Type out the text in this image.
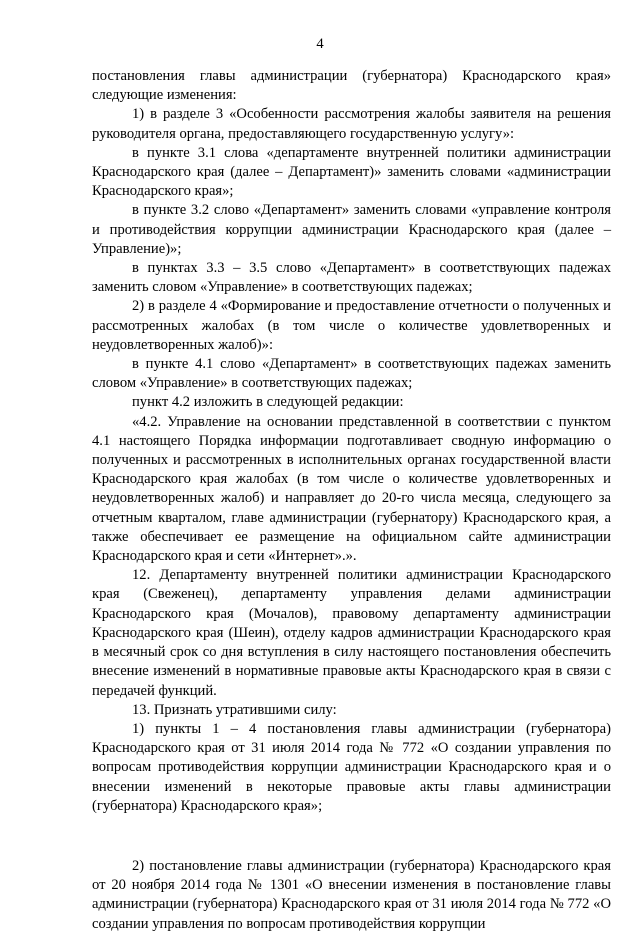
4

постановления главы администрации (губернатора) Краснодарского края» следующие изменения:

1) в разделе 3 «Особенности рассмотрения жалобы заявителя на решения руководителя органа, предоставляющего государственную услугу»:

в пункте 3.1 слова «департаменте внутренней политики администрации Краснодарского края (далее – Департамент)» заменить словами «администрации Краснодарского края»;

в пункте 3.2 слово «Департамент» заменить словами «управление контроля и противодействия коррупции администрации Краснодарского края (далее – Управление)»;

в пунктах 3.3 – 3.5 слово «Департамент» в соответствующих падежах заменить словом «Управление» в соответствующих падежах;

2) в разделе 4 «Формирование и предоставление отчетности о полученных и рассмотренных жалобах (в том числе о количестве удовлетворенных и неудовлетворенных жалоб)»:

в пункте 4.1 слово «Департамент» в соответствующих падежах заменить словом «Управление» в соответствующих падежах;

пункт 4.2 изложить в следующей редакции:

«4.2. Управление на основании представленной в соответствии с пунктом 4.1 настоящего Порядка информации подготавливает сводную информацию о полученных и рассмотренных в исполнительных органах государственной власти Краснодарского края жалобах (в том числе о количестве удовлетворенных и неудовлетворенных жалоб) и направляет до 20-го числа месяца, следующего за отчетным кварталом, главе администрации (губернатору) Краснодарского края, а также обеспечивает ее размещение на официальном сайте администрации Краснодарского края и сети «Интернет».».

12. Департаменту внутренней политики администрации Краснодарского края (Свеженец), департаменту управления делами администрации Краснодарского края (Мочалов), правовому департаменту администрации Краснодарского края (Шеин), отделу кадров администрации Краснодарского края в месячный срок со дня вступления в силу настоящего постановления обеспечить внесение изменений в нормативные правовые акты Краснодарского края в связи с передачей функций.

13. Признать утратившими силу:

1) пункты 1 – 4 постановления главы администрации (губернатора) Краснодарского края от 31 июля 2014 года № 772 «О создании управления по вопросам противодействия коррупции администрации Краснодарского края и о внесении изменений в некоторые правовые акты главы администрации (губернатора) Краснодарского края»;

2) постановление главы администрации (губернатора) Краснодарского края от 20 ноября 2014 года № 1301 «О внесении изменения в постановление главы администрации (губернатора) Краснодарского края от 31 июля 2014 года № 772 «О создании управления по вопросам противодействия коррупции
